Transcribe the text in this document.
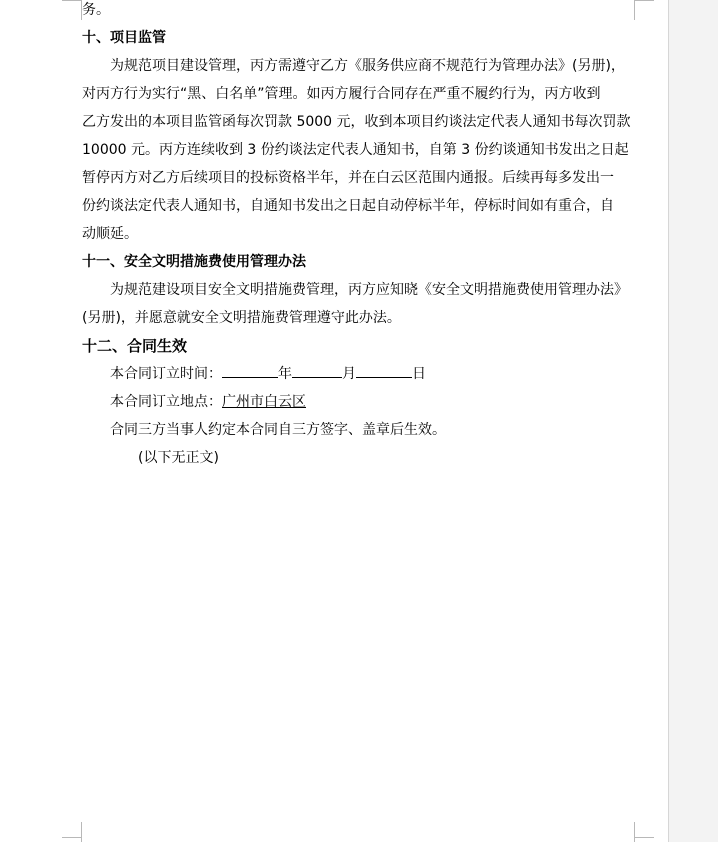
务。
十、项目监管
为规范项目建设管理，丙方需遵守乙方《服务供应商不规范行为管理办法》(另册)，
对丙方行为实行“黑、白名单”管理。如丙方履行合同存在严重不履约行为，丙方收到
乙方发出的本项目监管函每次罚款 5000 元，收到本项目约谈法定代表人通知书每次罚款
10000 元。丙方连续收到 3 份约谈法定代表人通知书，自第 3 份约谈通知书发出之日起
暂停丙方对乙方后续项目的投标资格半年，并在白云区范围内通报。后续再每多发出一
份约谈法定代表人通知书，自通知书发出之日起自动停标半年，停标时间如有重合，自
动顺延。
十一、安全文明措施费使用管理办法
为规范建设项目安全文明措施费管理，丙方应知晓《安全文明措施费使用管理办法》
(另册)，并愿意就安全文明措施费管理遵守此办法。
十二、合同生效
本合同订立时间：	年	月	日
本合同订立地点：广州市白云区
合同三方当事人约定本合同自三方签字、盖章后生效。
(以下无正文)
